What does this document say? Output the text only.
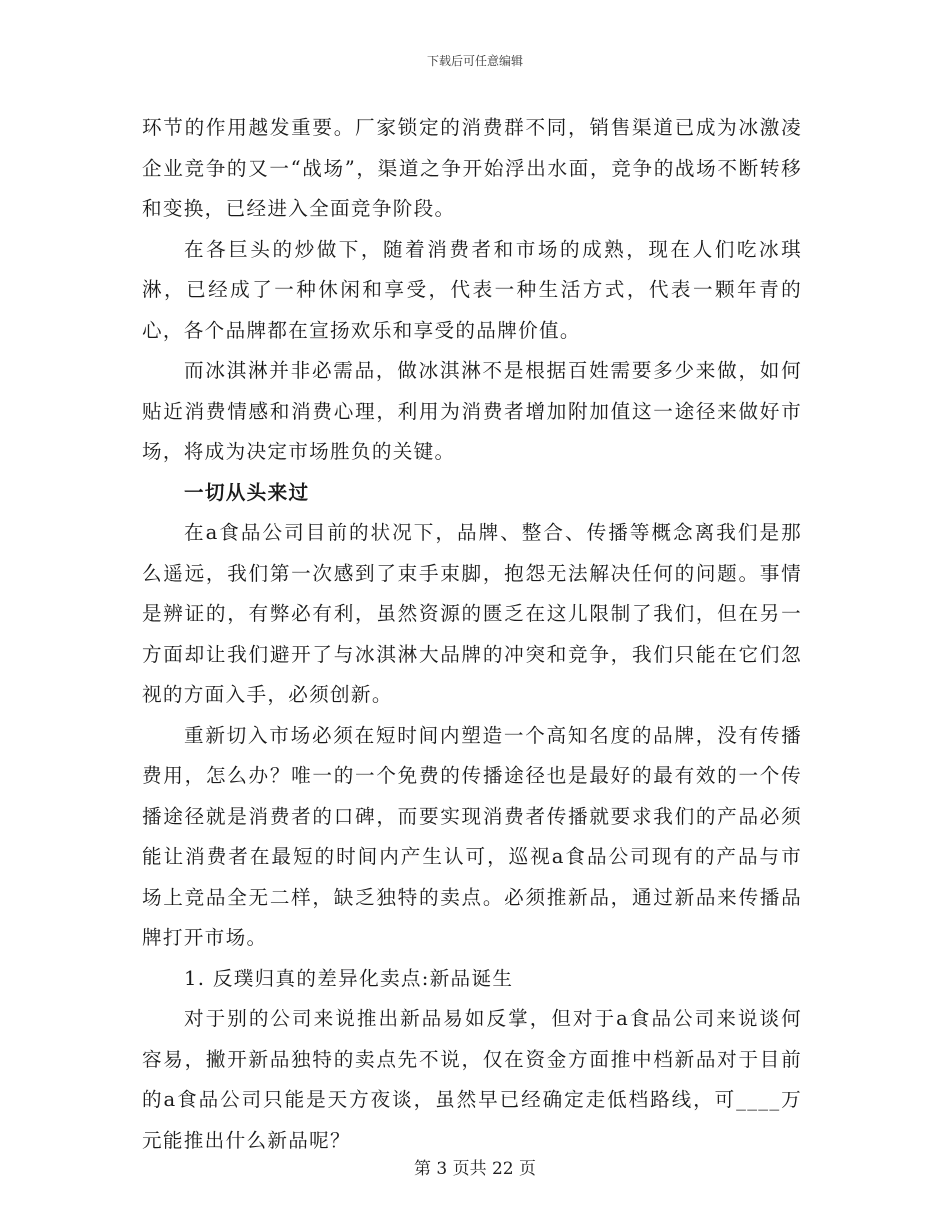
下载后可任意编辑

环节的作用越发重要。厂家锁定的消费群不同，销售渠道已成为冰激凌企业竞争的又一“战场”，渠道之争开始浮出水面，竞争的战场不断转移和变换，已经进入全面竞争阶段。

在各巨头的炒做下，随着消费者和市场的成熟，现在人们吃冰琪淋，已经成了一种休闲和享受，代表一种生活方式，代表一颗年青的心，各个品牌都在宣扬欢乐和享受的品牌价值。

而冰淇淋并非必需品，做冰淇淋不是根据百姓需要多少来做，如何贴近消费情感和消费心理，利用为消费者增加附加值这一途径来做好市场，将成为决定市场胜负的关键。

一切从头来过

在a食品公司目前的状况下，品牌、整合、传播等概念离我们是那么遥远，我们第一次感到了束手束脚，抱怨无法解决任何的问题。事情是辨证的，有弊必有利，虽然资源的匮乏在这儿限制了我们，但在另一方面却让我们避开了与冰淇淋大品牌的冲突和竞争，我们只能在它们忽视的方面入手，必须创新。

重新切入市场必须在短时间内塑造一个高知名度的品牌，没有传播费用，怎么办？唯一的一个免费的传播途径也是最好的最有效的一个传播途径就是消费者的口碑，而要实现消费者传播就要求我们的产品必须能让消费者在最短的时间内产生认可，巡视a食品公司现有的产品与市场上竞品全无二样，缺乏独特的卖点。必须推新品，通过新品来传播品牌打开市场。

1. 反璞归真的差异化卖点:新品诞生

对于别的公司来说推出新品易如反掌，但对于a食品公司来说谈何容易，撇开新品独特的卖点先不说，仅在资金方面推中档新品对于目前的a食品公司只能是天方夜谈，虽然早已经确定走低档路线，可____万元能推出什么新品呢？

第 3 页共 22 页
